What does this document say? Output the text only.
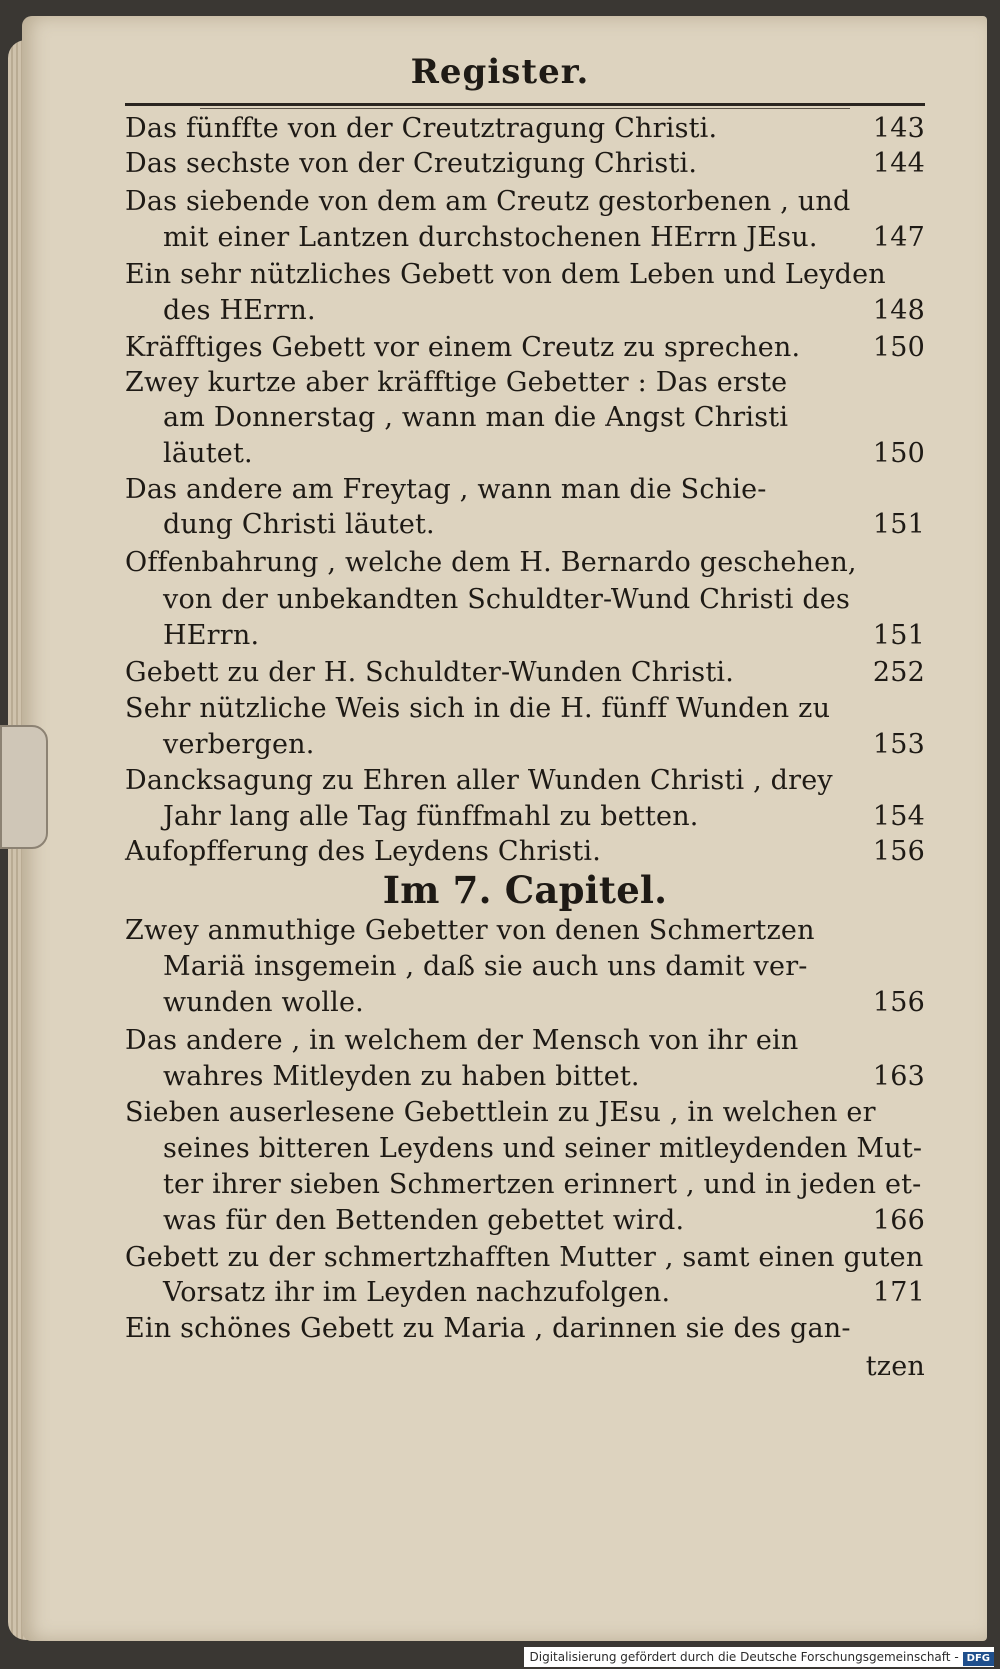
Register.
Das fünffte von der Creutztragung Christi.	143
Das sechste von der Creutzigung Christi.	144
Das siebende von dem am Creutz gestorbenen , und
mit einer Lantzen durchstochenen HErrn JEsu. 147
Ein sehr nützliches Gebett von dem Leben und Leyden
des HErrn.	148
Kräfftiges Gebett vor einem Creutz zu sprechen.	150
Zwey kurtze aber kräfftige Gebetter : Das erste
am Donnerstag , wann man die Angst Christi
läutet.	150
Das andere am Freytag , wann man die Schie-
dung Christi läutet.	151
Offenbahrung , welche dem H. Bernardo geschehen,
von der unbekandten Schuldter-Wund Christi des
HErrn.	151
Gebett zu der H. Schuldter-Wunden Christi.	252
Sehr nützliche Weis sich in die H. fünff Wunden zu
verbergen.	153
Dancksagung zu Ehren aller Wunden Christi , drey
Jahr lang alle Tag fünffmahl zu betten.	154
Aufopfferung des Leydens Christi.	156
Im 7. Capitel.
Zwey anmuthige Gebetter von denen Schmertzen
Mariä insgemein , daß sie auch uns damit ver-
wunden wolle.	156
Das andere , in welchem der Mensch von ihr ein
wahres Mitleyden zu haben bittet.	163
Sieben auserlesene Gebettlein zu JEsu , in welchen er
seines bitteren Leydens und seiner mitleydenden Mut-
ter ihrer sieben Schmertzen erinnert , und in jeden et-
was für den Bettenden gebettet wird.	166
Gebett zu der schmertzhafften Mutter , samt einen guten
Vorsatz ihr im Leyden nachzufolgen.	171
Ein schönes Gebett zu Maria , darinnen sie des gan-
tzen
Digitalisierung gefördert durch die Deutsche Forschungsgemeinschaft - DFG
